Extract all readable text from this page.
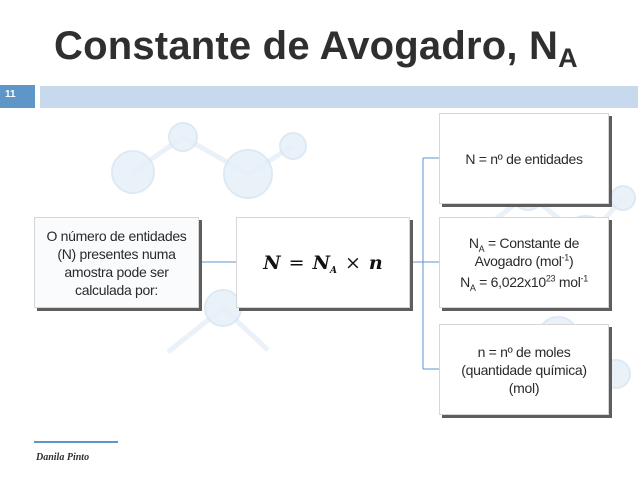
Constante de Avogadro, $N_A$
11
O número de entidades (N) presentes numa amostra pode ser calculada por:
$N = N_A \times n$
N = nº de entidades
$N_A$ = Constante de
Avogadro (mol$^{-1}$)
$N_A = 6,022x10^{23}$ mol$^{-1}$
n = nº de moles
(quantidade química)
(mol)
Danila Pinto
